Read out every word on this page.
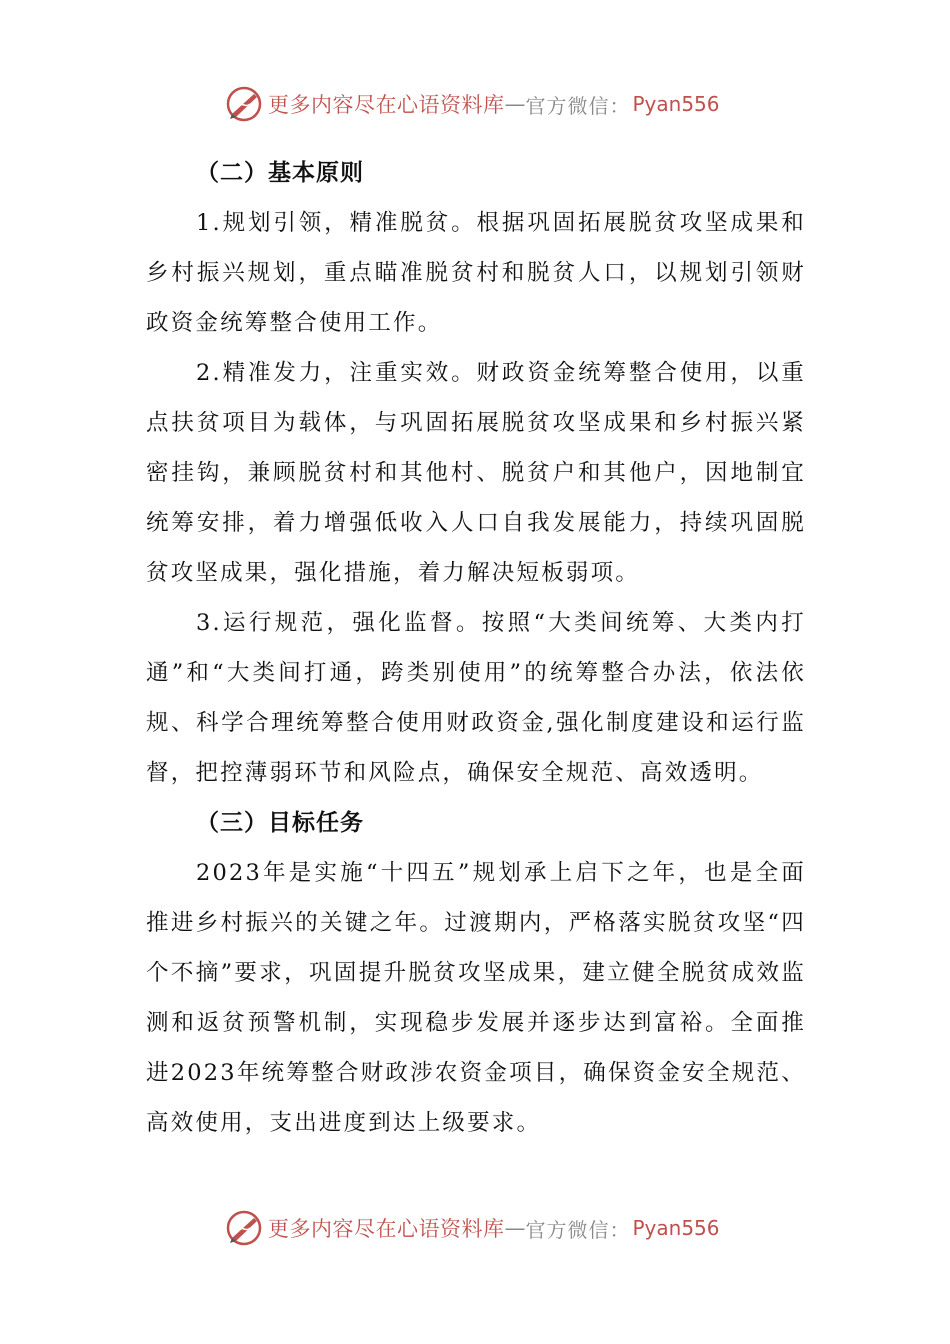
更多内容尽在心语资料库 — 官方微信： Pyan556
（二）基本原则

1.规划引领，精准脱贫。根据巩固拓展脱贫攻坚成果和乡村振兴规划，重点瞄准脱贫村和脱贫人口，以规划引领财政资金统筹整合使用工作。

2.精准发力，注重实效。财政资金统筹整合使用，以重点扶贫项目为载体，与巩固拓展脱贫攻坚成果和乡村振兴紧密挂钩，兼顾脱贫村和其他村、脱贫户和其他户，因地制宜统筹安排，着力增强低收入人口自我发展能力，持续巩固脱贫攻坚成果，强化措施，着力解决短板弱项。

3.运行规范，强化监督。按照“大类间统筹、大类内打通”和“大类间打通，跨类别使用”的统筹整合办法，依法依规、科学合理统筹整合使用财政资金,强化制度建设和运行监督，把控薄弱环节和风险点，确保安全规范、高效透明。

（三）目标任务

2023年是实施“十四五”规划承上启下之年，也是全面推进乡村振兴的关键之年。过渡期内，严格落实脱贫攻坚“四个不摘”要求，巩固提升脱贫攻坚成果，建立健全脱贫成效监测和返贫预警机制，实现稳步发展并逐步达到富裕。全面推进2023年统筹整合财政涉农资金项目，确保资金安全规范、高效使用，支出进度到达上级要求。

更多内容尽在心语资料库 — 官方微信： Pyan556
